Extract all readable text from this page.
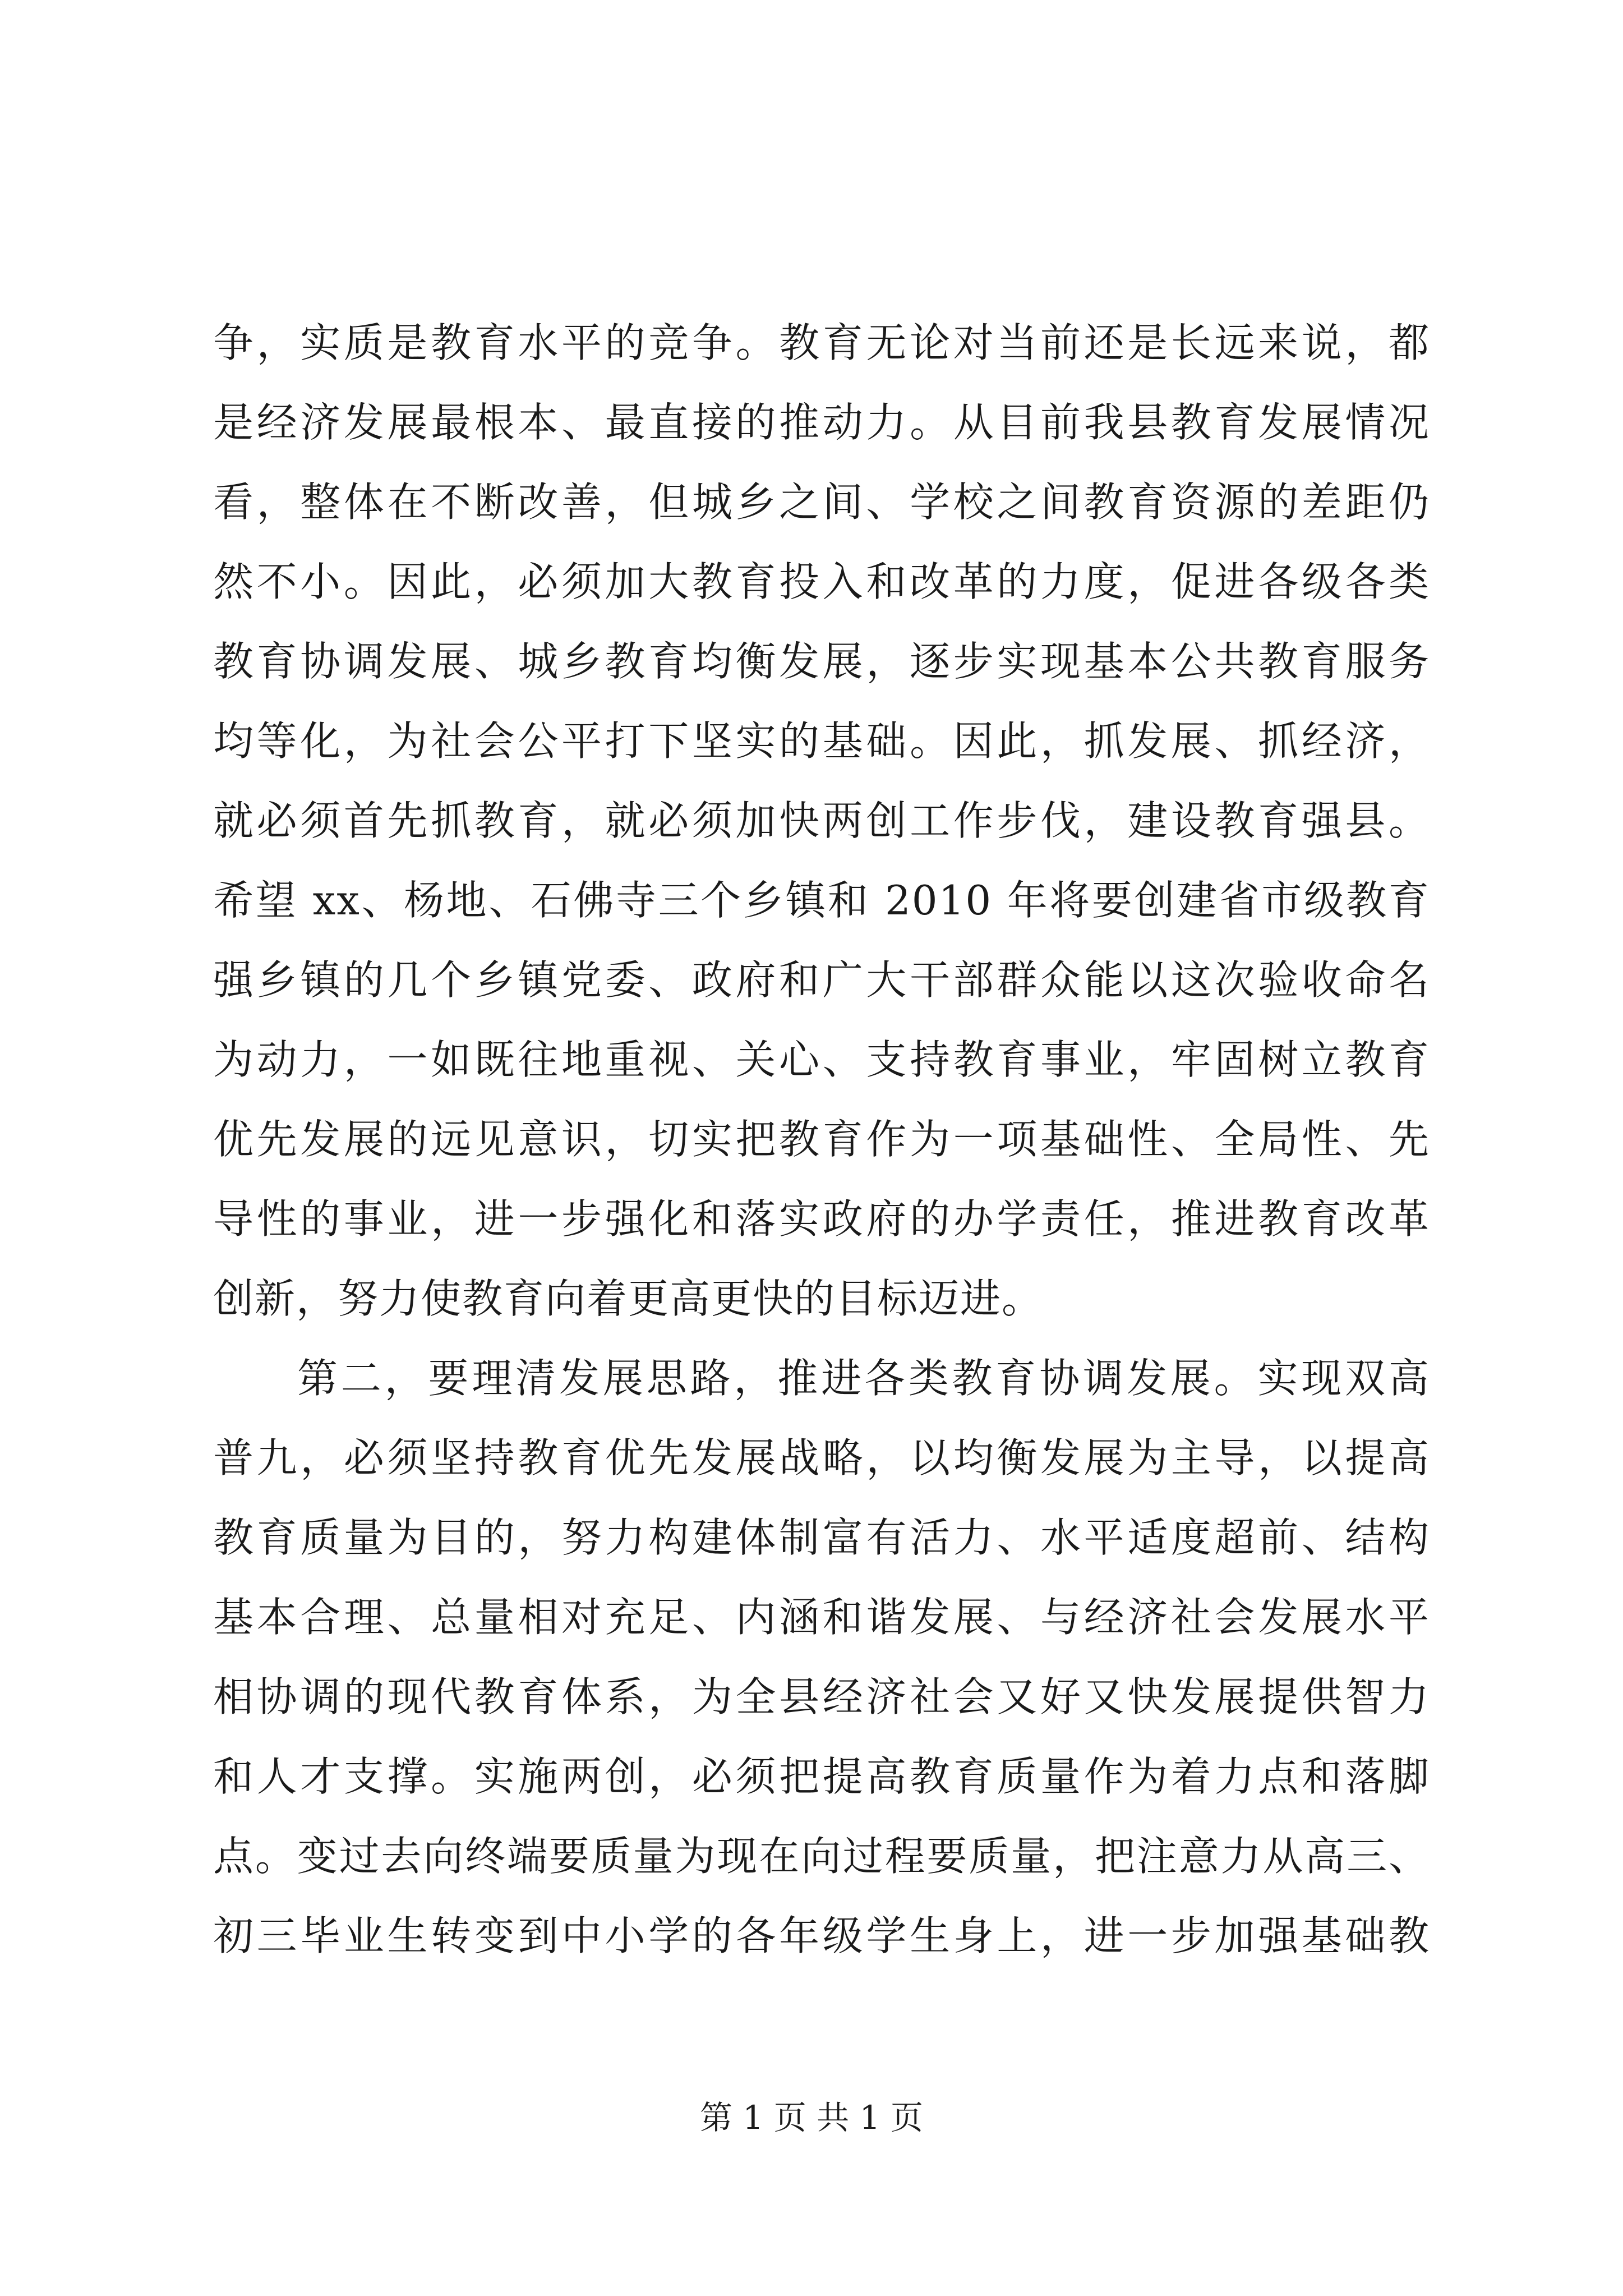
争，实质是教育水平的竞争。教育无论对当前还是长远来说，都
是经济发展最根本、最直接的推动力。从目前我县教育发展情况
看，整体在不断改善，但城乡之间、学校之间教育资源的差距仍
然不小。因此，必须加大教育投入和改革的力度，促进各级各类
教育协调发展、城乡教育均衡发展，逐步实现基本公共教育服务
均等化，为社会公平打下坚实的基础。因此，抓发展、抓经济，
就必须首先抓教育，就必须加快两创工作步伐，建设教育强县。
希望 xx、杨地、石佛寺三个乡镇和 2010 年将要创建省市级教育
强乡镇的几个乡镇党委、政府和广大干部群众能以这次验收命名
为动力，一如既往地重视、关心、支持教育事业，牢固树立教育
优先发展的远见意识，切实把教育作为一项基础性、全局性、先
导性的事业，进一步强化和落实政府的办学责任，推进教育改革
创新，努力使教育向着更高更快的目标迈进。
第二，要理清发展思路，推进各类教育协调发展。实现双高
普九，必须坚持教育优先发展战略，以均衡发展为主导，以提高
教育质量为目的，努力构建体制富有活力、水平适度超前、结构
基本合理、总量相对充足、内涵和谐发展、与经济社会发展水平
相协调的现代教育体系，为全县经济社会又好又快发展提供智力
和人才支撑。实施两创，必须把提高教育质量作为着力点和落脚
点。变过去向终端要质量为现在向过程要质量，把注意力从高三、
初三毕业生转变到中小学的各年级学生身上，进一步加强基础教
第 1 页 共 1 页
